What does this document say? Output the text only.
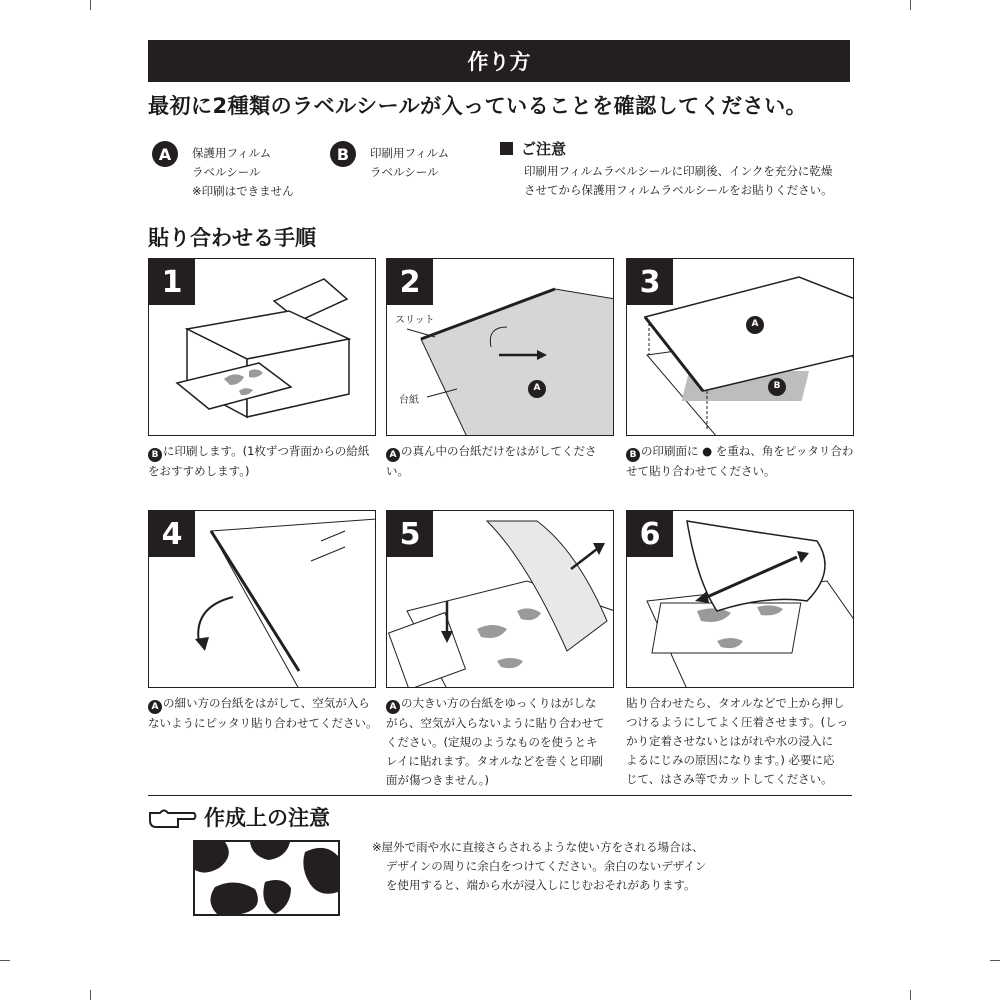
作り方
最初に2種類のラベルシールが入っていることを確認してください。
A	保護用フィルム
ラベルシール
※印刷はできません
B	印刷用フィルム
ラベルシール
ご注意
印刷用フィルムラベルシールに印刷後、インクを充分に乾燥
させてから保護用フィルムラベルシールをお貼りください。
貼り合わせる手順
1
B に印刷します。(1枚ずつ背面からの給紙
をおすすめします。)
2
スリット
台紙
A
A の真ん中の台紙だけをはがしてください。
3
A
B
B の印刷面に ● を重ね、角をピッタリ合わ
せて貼り合わせてください。
4
A の細い方の台紙をはがして、空気が入ら
ないようにピッタリ貼り合わせてください。
5
A の大きい方の台紙をゆっくりはがしな
がら、空気が入らないように貼り合わせて
ください。(定規のようなものを使うとキ
レイに貼れます。タオルなどを巻くと印刷
面が傷つきません。)
6
貼り合わせたら、タオルなどで上から押し
つけるようにしてよく圧着させます。(しっ
かり定着させないとはがれや水の浸入に
よるにじみの原因になります。) 必要に応
じて、はさみ等でカットしてください。
作成上の注意
※屋外で雨や水に直接さらされるような使い方をされる場合は、
デザインの周りに余白をつけてください。余白のないデザイン
を使用すると、端から水が浸入しにじむおそれがあります。
